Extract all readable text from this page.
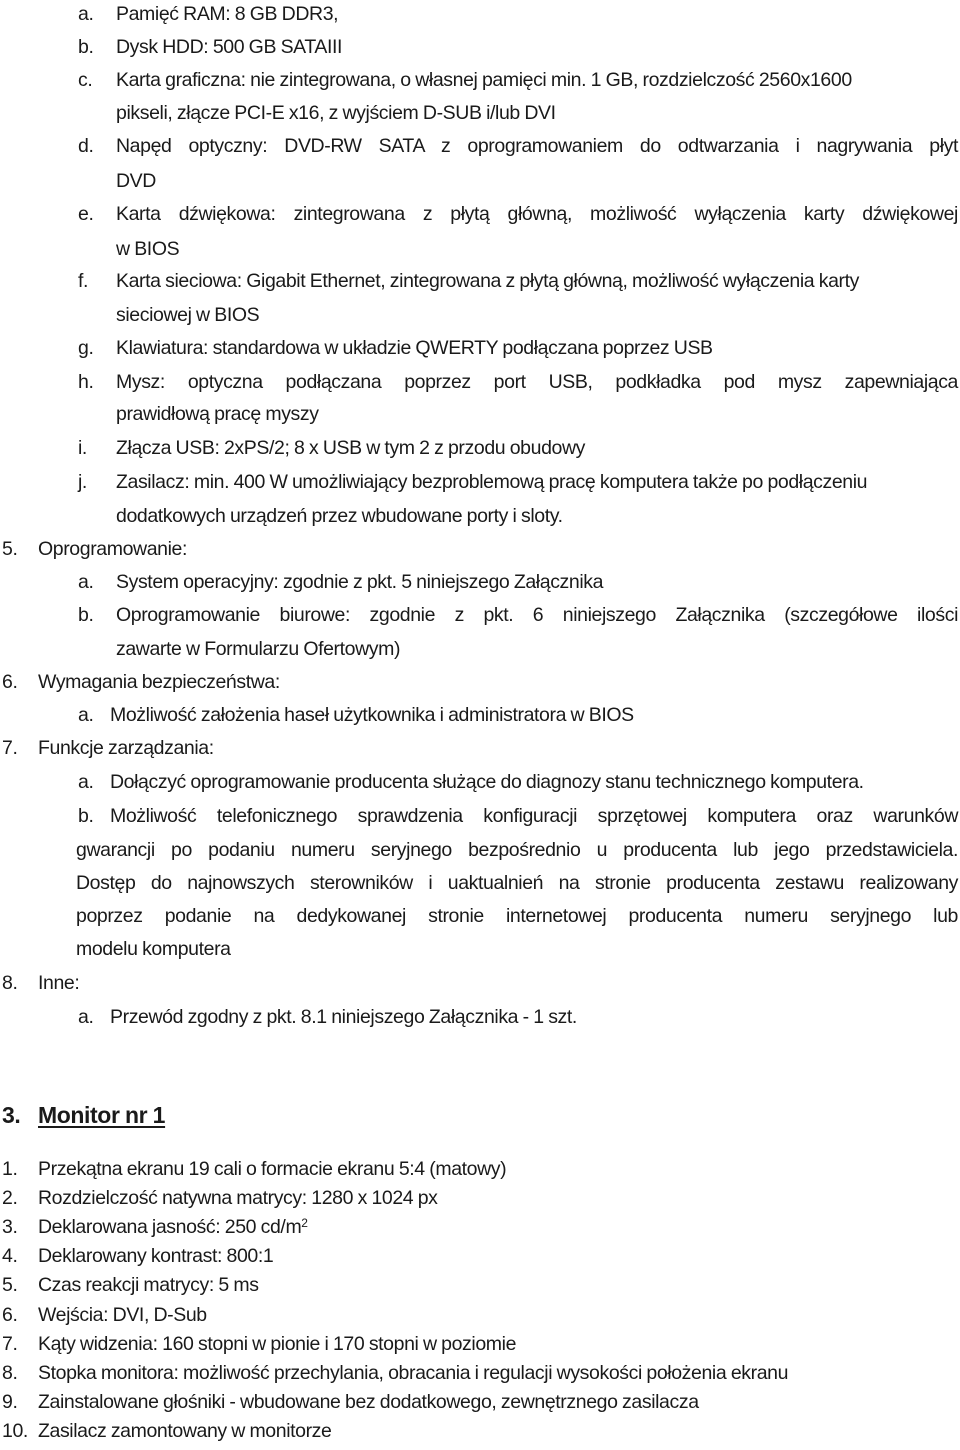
a. Pamięć RAM: 8 GB DDR3,
b. Dysk HDD: 500 GB SATAIII
c. Karta graficzna: nie zintegrowana, o własnej pamięci min. 1 GB, rozdzielczość 2560x1600
pikseli, złącze PCI-E x16, z wyjściem D-SUB i/lub DVI
d. Napęd optyczny: DVD-RW SATA z oprogramowaniem do odtwarzania i nagrywania płyt
DVD
e. Karta dźwiękowa: zintegrowana z płytą główną, możliwość wyłączenia karty dźwiękowej
w BIOS
f. Karta sieciowa: Gigabit Ethernet, zintegrowana z płytą główną, możliwość wyłączenia karty
sieciowej w BIOS
g. Klawiatura: standardowa w układzie QWERTY podłączana poprzez USB
h. Mysz: optyczna podłączana poprzez port USB, podkładka pod mysz zapewniająca
prawidłową pracę myszy
i. Złącza USB: 2xPS/2; 8 x USB w tym 2 z przodu obudowy
j. Zasilacz: min. 400 W umożliwiający bezproblemową pracę komputera także po podłączeniu
dodatkowych urządzeń przez wbudowane porty i sloty.
5. Oprogramowanie:
a. System operacyjny: zgodnie z pkt. 5 niniejszego Załącznika
b. Oprogramowanie biurowe: zgodnie z pkt. 6 niniejszego Załącznika (szczegółowe ilości
zawarte w Formularzu Ofertowym)
6. Wymagania bezpieczeństwa:
a. Możliwość założenia haseł użytkownika i administratora w BIOS
7. Funkcje zarządzania:
a. Dołączyć oprogramowanie producenta służące do diagnozy stanu technicznego komputera.
b. Możliwość telefonicznego sprawdzenia konfiguracji sprzętowej komputera oraz warunków
gwarancji po podaniu numeru seryjnego bezpośrednio u producenta lub jego przedstawiciela.
Dostęp do najnowszych sterowników i uaktualnień na stronie producenta zestawu realizowany
poprzez podanie na dedykowanej stronie internetowej producenta numeru seryjnego lub
modelu komputera
8. Inne:
a. Przewód zgodny z pkt. 8.1 niniejszego Załącznika - 1 szt.
3. Monitor nr 1
1. Przekątna ekranu 19 cali o formacie ekranu 5:4 (matowy)
2. Rozdzielczość natywna matrycy: 1280 x 1024 px
3. Deklarowana jasność: 250 $cd/m^2$
4. Deklarowany kontrast: 800:1
5. Czas reakcji matrycy: 5 ms
6. Wejścia: DVI, D-Sub
7. Kąty widzenia: 160 stopni w pionie i 170 stopni w poziomie
8. Stopka monitora: możliwość przechylania, obracania i regulacji wysokości położenia ekranu
9. Zainstalowane głośniki - wbudowane bez dodatkowego, zewnętrznego zasilacza
10. Zasilacz zamontowany w monitorze
